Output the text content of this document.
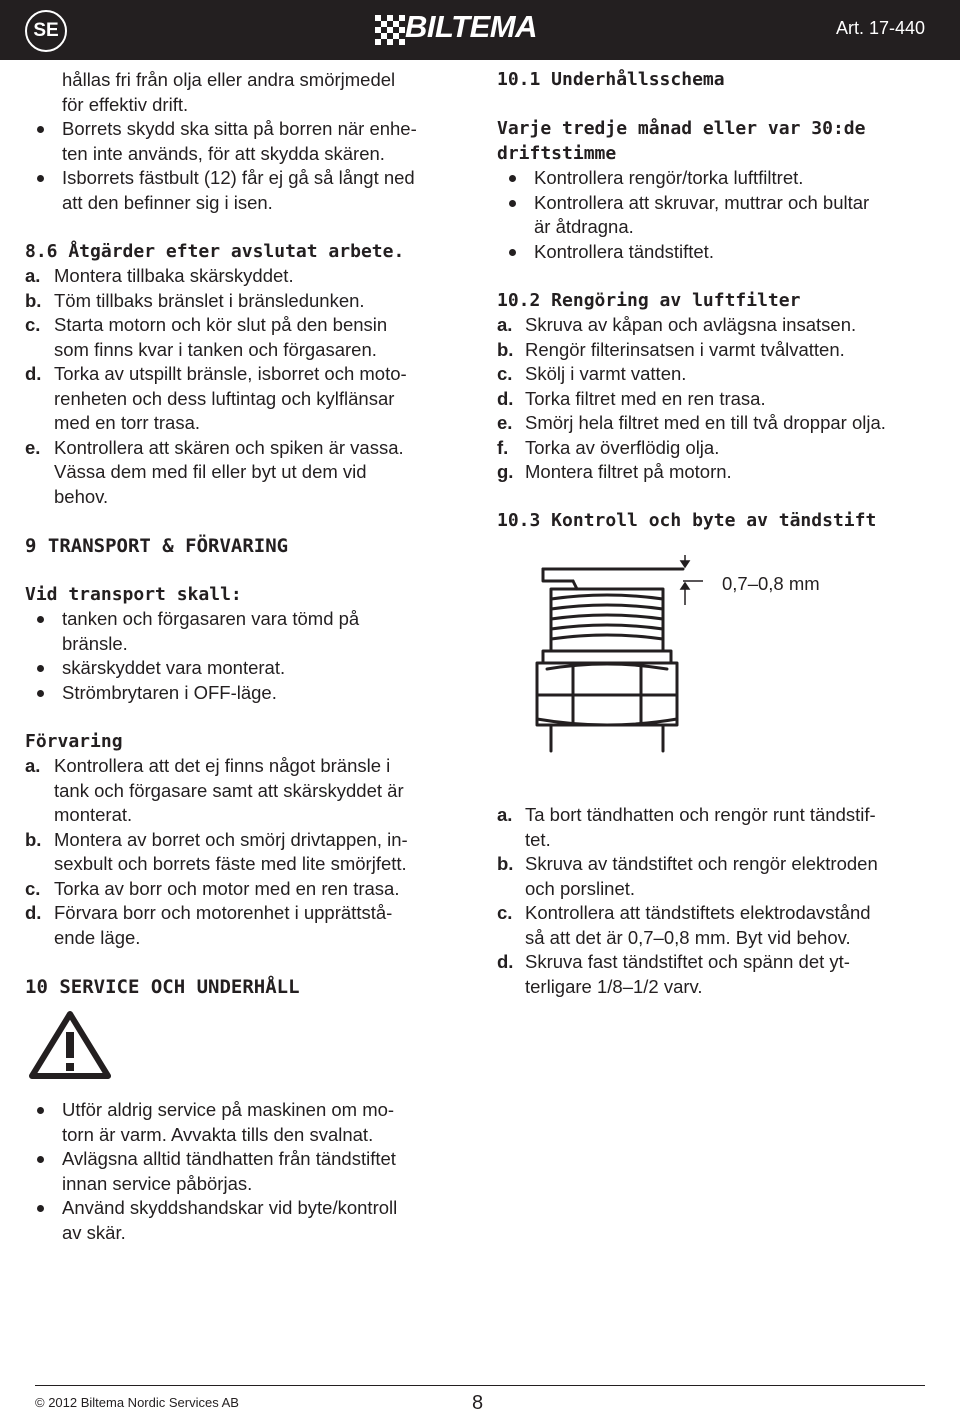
SE	BILTEMA	Art. 17-440

hållas fri från olja eller andra smörjmedel
för effektiv drift.

Borrets skydd ska sitta på borren när enhe-
ten inte används, för att skydda skären.

Isborrets fästbult (12) får ej gå så långt ned
att den befinner sig i isen.

8.6 Åtgärder efter avslutat arbete.

a. Montera tillbaka skärskyddet.

b. Töm tillbaks bränslet i bränsledunken.

c. Starta motorn och kör slut på den bensin
som finns kvar i tanken och förgasaren.

d. Torka av utspillt bränsle, isborret och moto-
renheten och dess luftintag och kylflänsar
med en torr trasa.

e. Kontrollera att skären och spiken är vassa.
Vässa dem med fil eller byt ut dem vid
behov.

9 TRANSPORT & FÖRVARING

Vid transport skall:

tanken och förgasaren vara tömd på
bränsle.

skärskyddet vara monterat.

Strömbrytaren i OFF-läge.

Förvaring

a. Kontrollera att det ej finns något bränsle i
tank och förgasare samt att skärskyddet är
monterat.

b. Montera av borret och smörj drivtappen, in-
sexbult och borrets fäste med lite smörjfett.

c. Torka av borr och motor med en ren trasa.

d. Förvara borr och motorenhet i upprättstå-
ende läge.

10 SERVICE OCH UNDERHÅLL

Utför aldrig service på maskinen om mo-
torn är varm. Avvakta tills den svalnat.

Avlägsna alltid tändhatten från tändstiftet
innan service påbörjas.

Använd skyddshandskar vid byte/kontroll
av skär.

10.1 Underhållsschema

Varje tredje månad eller var 30:de
driftstimme

Kontrollera rengör/torka luftfiltret.

Kontrollera att skruvar, muttrar och bultar
är åtdragna.

Kontrollera tändstiftet.

10.2 Rengöring av luftfilter

a. Skruva av kåpan och avlägsna insatsen.

b. Rengör filterinsatsen i varmt tvålvatten.

c. Skölj i varmt vatten.

d. Torka filtret med en ren trasa.

e. Smörj hela filtret med en till två droppar olja.

f. Torka av överflödig olja.

g. Montera filtret på motorn.

10.3 Kontroll och byte av tändstift

0,7–0,8 mm

a. Ta bort tändhatten och rengör runt tändstif-
tet.

b. Skruva av tändstiftet och rengör elektroden
och porslinet.

c. Kontrollera att tändstiftets elektrodavstånd
så att det är 0,7–0,8 mm. Byt vid behov.

d. Skruva fast tändstiftet och spänn det yt-
terligare 1/8–1/2 varv.

© 2012 Biltema Nordic Services AB	8
